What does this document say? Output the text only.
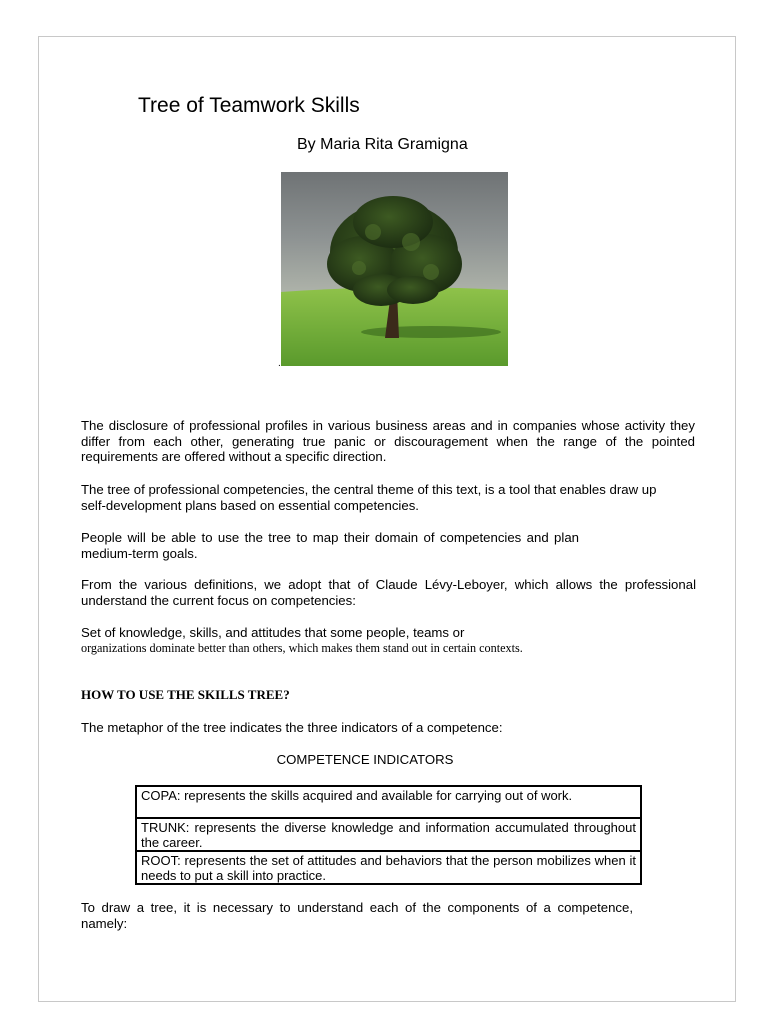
Tree of Teamwork Skills
By Maria Rita Gramigna
.
The disclosure of professional profiles in various business areas and in companies whose activity they differ from each other, generating true panic or discouragement when the range of the pointed requirements are offered without a specific direction.
The tree of professional competencies, the central theme of this text, is a tool that enables draw up self-development plans based on essential competencies.
People will be able to use the tree to map their domain of competencies and plan medium-term goals.
From the various definitions, we adopt that of Claude Lévy-Leboyer, which allows the professional understand the current focus on competencies:
Set of knowledge, skills, and attitudes that some people, teams or
organizations dominate better than others, which makes them stand out in certain contexts.
HOW TO USE THE SKILLS TREE?
The metaphor of the tree indicates the three indicators of a competence:
COMPETENCE INDICATORS
COPA: represents the skills acquired and available for carrying out of work.
TRUNK: represents the diverse knowledge and information accumulated throughout the career.
ROOT: represents the set of attitudes and behaviors that the person mobilizes when it needs to put a skill into practice.
To draw a tree, it is necessary to understand each of the components of a competence, namely:
